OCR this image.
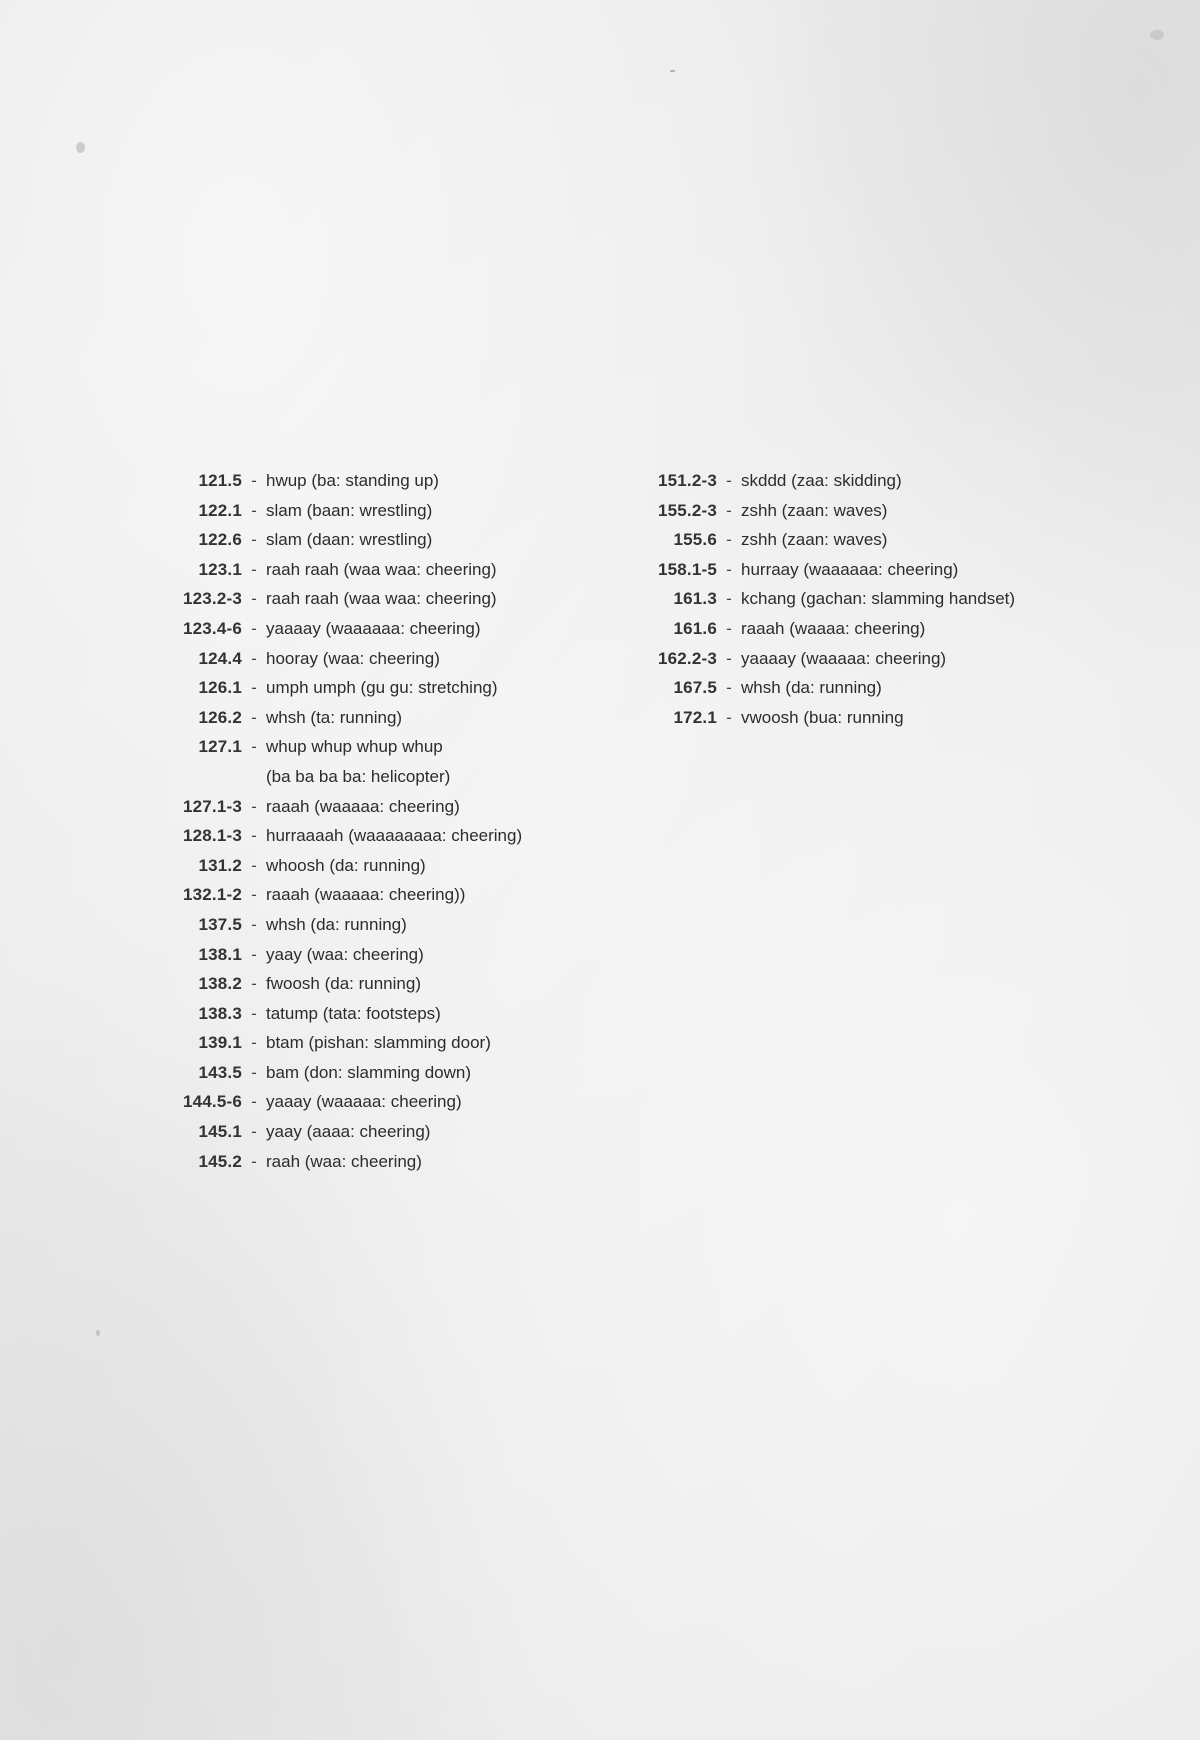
121.5 - hwup (ba: standing up)
122.1 - slam (baan: wrestling)
122.6 - slam (daan: wrestling)
123.1 - raah raah (waa waa: cheering)
123.2-3 - raah raah (waa waa: cheering)
123.4-6 - yaaaay (waaaaaa: cheering)
124.4 - hooray (waa: cheering)
126.1 - umph umph (gu gu: stretching)
126.2 - whsh (ta: running)
127.1 - whup whup whup whup
(ba ba ba ba: helicopter)
127.1-3 - raaah (waaaaa: cheering)
128.1-3 - hurraaaah (waaaaaaaa: cheering)
131.2 - whoosh (da: running)
132.1-2 - raaah (waaaaa: cheering))
137.5 - whsh (da: running)
138.1 - yaay (waa: cheering)
138.2 - fwoosh (da: running)
138.3 - tatump (tata: footsteps)
139.1 - btam (pishan: slamming door)
143.5 - bam (don: slamming down)
144.5-6 - yaaay (waaaaa: cheering)
145.1 - yaay (aaaa: cheering)
145.2 - raah (waa: cheering)
151.2-3 - skddd (zaa: skidding)
155.2-3 - zshh (zaan: waves)
155.6 - zshh (zaan: waves)
158.1-5 - hurraay (waaaaaa: cheering)
161.3 - kchang (gachan: slamming handset)
161.6 - raaah (waaaa: cheering)
162.2-3 - yaaaay (waaaaa: cheering)
167.5 - whsh (da: running)
172.1 - vwoosh (bua: running
